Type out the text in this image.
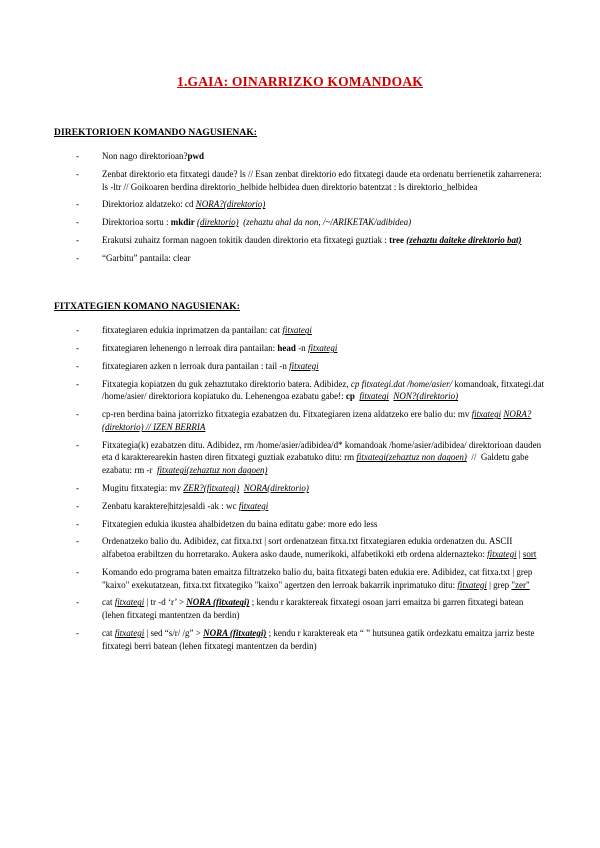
1.GAIA: OINARRIZKO KOMANDOAK
DIREKTORIOEN KOMANDO NAGUSIENAK:
- Non nago direktorioan?pwd
- Zenbat direktorio eta fitxategi daude? ls // Esan zenbat direktorio edo fitxategi daude eta ordenatu berrienetik zaharrenera: ls -ltr // Goikoaren berdina direktorio_helbide helbidea duen direktorio batentzat : ls direktorio_helbidea
- Direktorioz aldatzeko: cd NORA?(direktorio)
- Direktorioa sortu : mkdir (direktorio) (zehaztu ahal da non, /~/ARIKETAK/adibidea)
- Erakutsi zuhaitz forman nagoen tokitik dauden direktorio eta fitxategi guztiak : tree (zehaztu daiteke direktorio bat)
- “Garbitu” pantaila: clear
FITXATEGIEN KOMANO NAGUSIENAK:
- fitxategiaren edukia inprimatzen da pantailan: cat fitxategi
- fitxategiaren lehenengo n lerroak dira pantailan: head -n fitxategi
- fitxategiaren azken n lerroak dura pantailan : tail -n fitxategi
- Fitxategia kopiatzen du guk zehaztutako direktorio batera. Adibidez, cp fitxategi.dat /home/asier/ komandoak, fitxategi.dat /home/asier/ direktoriora kopiatuko du. Lehenengoa ezabatu gabe!: cp fitxategi NON?(direktorio)
- cp-ren berdina baina jatorrizko fitxategia ezabatzen du. Fitxategiaren izena aldatzeko ere balio du: mv fitxategi NORA?(direktorio) // IZEN BERRIA
- Fitxategia(k) ezabatzen ditu. Adibidez, rm /home/asier/adibidea/d* komandoak /home/asier/adibidea/ direktorioan dauden eta d karakterearekin hasten diren fitxategi guztiak ezabatuko ditu: rm fitxategi(zehaztuz non dagoen)  //  Galdetu gabe ezabatu: rm -r  fitxategi(zehaztuz non dagoen)
- Mugitu fitxategia: mv ZER?(fitxategi) NORA(direktorio)
- Zenbatu karaktere|hitz|esaldi -ak : wc fitxategi
- Fitxategien edukia ikustea ahalbidetzen du baina editatu gabe: more edo less
- Ordenatzeko balio du. Adibidez, cat fitxa.txt | sort ordenatzean fitxa.txt fitxategiaren edukia ordenatzen du. ASCII alfabetoa erabiltzen du horretarako. Aukera asko daude, numerikoki, alfabetikoki etb ordena aldernazteko: fitxategi | sort
- Komando edo programa baten emaitza filtratzeko balio du, baita fitxategi baten edukia ere. Adibidez, cat fitxa.txt | grep "kaixo" exekutatzean, fitxa.txt fitxategiko "kaixo" agertzen den lerroak bakarrik inprimatuko ditu: fitxategi | grep "zer"
- cat fitxategi | tr -d ‘r’ > NORA (fitxategi) ; kendu r karaktereak fitxategi osoan jarri emaitza bi garren fitxategi batean (lehen fitxategi mantentzen da berdin)
- cat fitxategi | sed “s/r/ /g” > NORA (fitxategi) ; kendu r karaktereak eta “ ” hutsunea gatik ordezkatu emaitza jarriz beste fitxategi berri batean (lehen fitxategi mantentzen da berdin)
